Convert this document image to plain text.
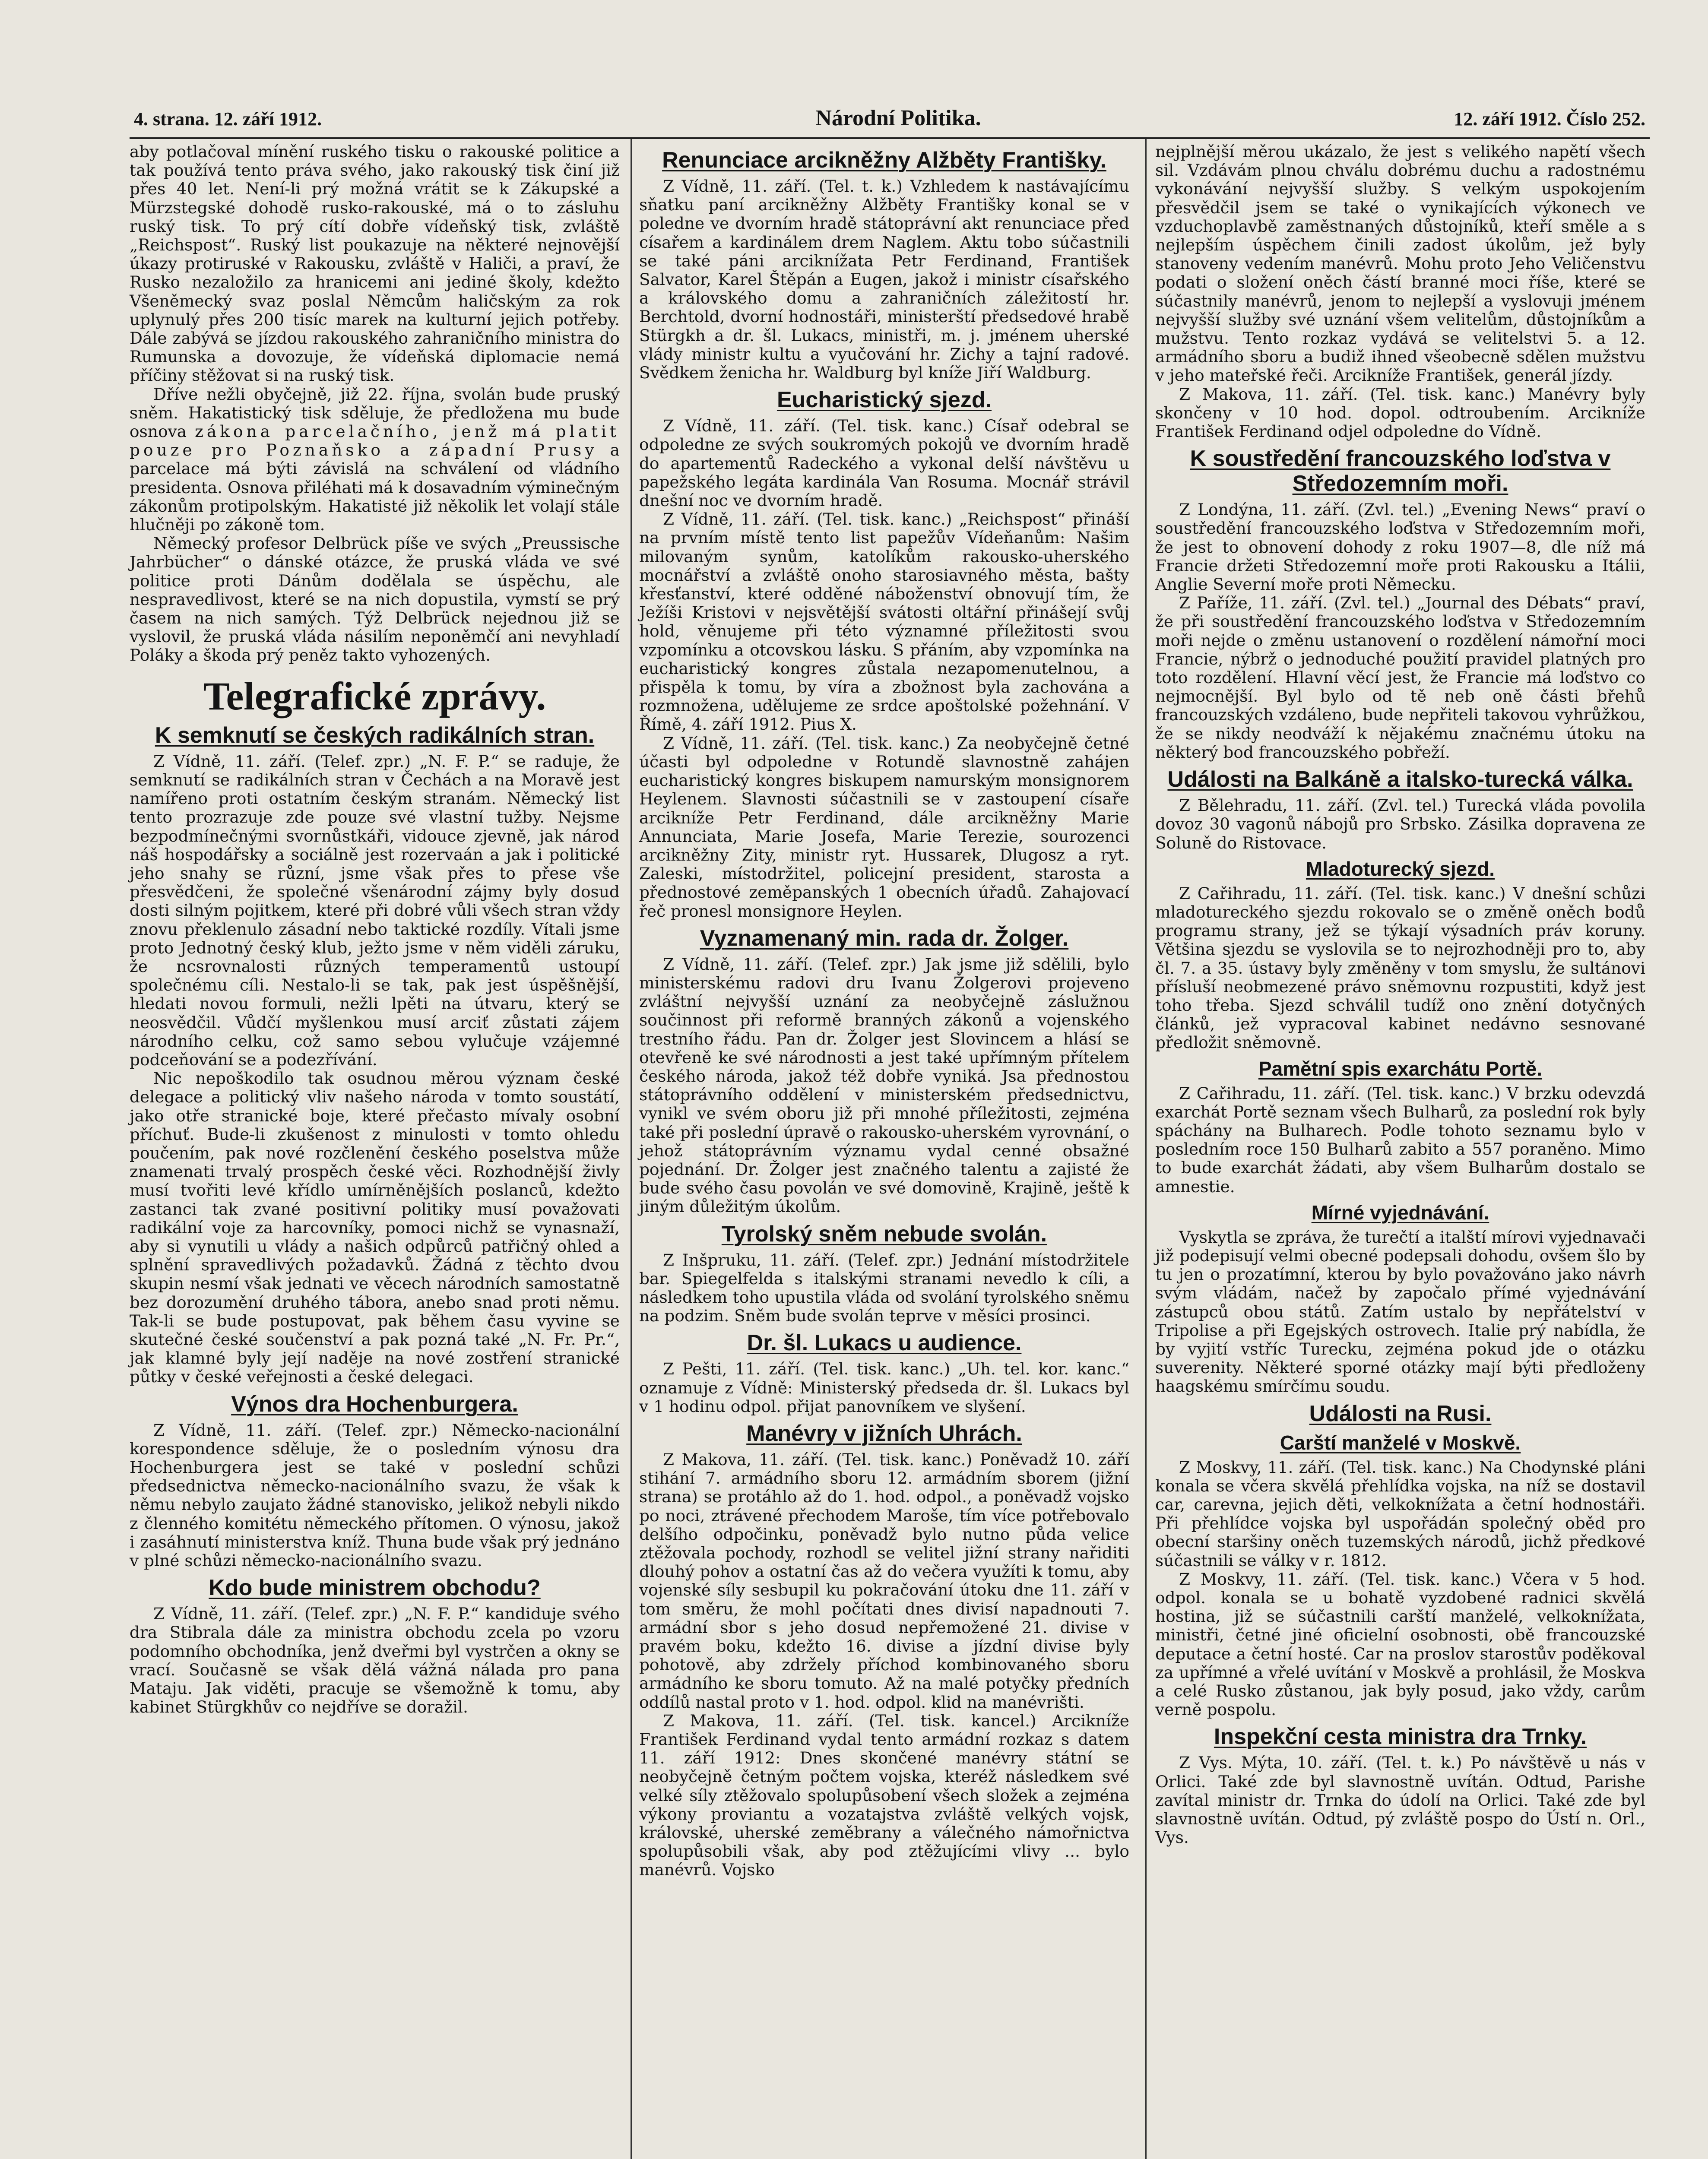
4. strana. 12. září 1912.	Národní Politika.	12. září 1912. Číslo 252.

aby potlačoval mínění ruského tisku o rakouské politice a tak používá tento práva svého, jako rakouský tisk činí již přes 40 let. Není-li prý možná vrátit se k Zákupské a Mürzstegské dohodě rusko-rakouské, má o to zásluhu ruský tisk. To prý cítí dobře vídeňský tisk, zvláště „Reichspost“. Ruský list poukazuje na některé nejnovější úkazy protiruské v Rakousku, zvláště v Haliči, a praví, že Rusko nezaložilo za hranicemi ani jediné školy, kdežto Všeněmecký svaz poslal Němcům haličským za rok uplynulý přes 200 tisíc marek na kulturní jejich potřeby. Dále zabývá se jízdou rakouského zahraničního ministra do Rumunska a dovozuje, že vídeňská diplomacie nemá příčiny stěžovat si na ruský tisk.

Dříve nežli obyčejně, již 22. října, svolán bude pruský sněm. Hakatistický tisk sděluje, že předložena mu bude osnova zákona parcelačního, jenž má platit pouze pro Poznaňsko a západní Prusy a parcelace má býti závislá na schválení od vládního presidenta. Osnova přiléhati má k dosavadním výminečným zákonům protipolským. Hakatisté již několik let volají stále hlučněji po zákoně tom.

Německý profesor Delbrück píše ve svých „Preussische Jahrbücher“ o dánské otázce, že pruská vláda ve své politice proti Dánům dodělala se úspěchu, ale nespravedlivost, které se na nich dopustila, vymstí se prý časem na nich samých. Týž Delbrück nejednou již se vyslovil, že pruská vláda násilím neponěmčí ani nevyhladí Poláky a škoda prý peněz takto vyhozených.

Telegrafické zprávy.
K semknutí se českých radikálních stran.

Z Vídně, 11. září. (Telef. zpr.) „N. F. P.“ se raduje, že semknutí se radikálních stran v Čechách a na Moravě jest namířeno proti ostatním českým stranám. Německý list tento prozrazuje zde pouze své vlastní tužby. Nejsme bezpodmínečnými svornůstkáři, vidouce zjevně, jak národ náš hospodářsky a sociálně jest rozervaán a jak i politické jeho snahy se různí, jsme však přes to přese vše přesvědčeni, že společné všenárodní zájmy byly dosud dosti silným pojitkem, které při dobré vůli všech stran vždy znovu překlenulo zásadní nebo taktické rozdíly. Vítali jsme proto Jednotný český klub, ježto jsme v něm viděli záruku, že ncsrovnalosti různých temperamentů ustoupí společnému cíli. Nestalo-li se tak, pak jest úspěšnější, hledati novou formuli, nežli lpěti na útvaru, který se neosvědčil. Vůdčí myšlenkou musí arciť zůstati zájem národního celku, což samo sebou vylučuje vzájemné podceňování se a podezřívání.

Nic nepoškodilo tak osudnou měrou význam české delegace a politický vliv našeho národa v tomto soustátí, jako otře stranické boje, které přečasto mívaly osobní příchuť. Bude-li zkušenost z minulosti v tomto ohledu poučením, pak nové rozčlenění českého poselstva může znamenati trvalý prospěch české věci. Rozhodnější živly musí tvořiti levé křídlo umírněnějších poslanců, kdežto zastanci tak zvané positivní politiky musí považovati radikální voje za harcovníky, pomoci nichž se vynasnaží, aby si vynutili u vlády a našich odpůrců patřičný ohled a splnění spravedlivých požadavků. Žádná z těchto dvou skupin nesmí však jednati ve věcech národních samostatně bez dorozumění druhého tábora, anebo snad proti němu. Tak-li se bude postupovat, pak během času vyvine se skutečné české součenství a pak pozná také „N. Fr. Pr.“, jak klamné byly její naděje na nové zostření stranické půtky v české veřejnosti a české delegaci.

Výnos dra Hochenburgera.

Z Vídně, 11. září. (Telef. zpr.) Německo-nacionální korespondence sděluje, že o posledním výnosu dra Hochenburgera jest se také v poslední schůzi předsednictva německo-nacionálního svazu, že však k němu nebylo zaujato žádné stanovisko, jelikož nebyli nikdo z členného komitétu německého přítomen. O výnosu, jakož i zasáhnutí ministerstva kníž. Thuna bude však prý jednáno v plné schůzi německo-nacionálního svazu.

Kdo bude ministrem obchodu?

Z Vídně, 11. září. (Telef. zpr.) „N. F. P.“ kandiduje svého dra Stibrala dále za ministra obchodu zcela po vzoru podomního obchodníka, jenž dveřmi byl vystrčen a okny se vrací. Současně se však dělá vážná nálada pro pana Mataju. Jak viděti, pracuje se všemožně k tomu, aby kabinet Stürgkhův co nejdříve se doražil.

Renunciace arcikněžny Alžběty Františky.

Z Vídně, 11. září. (Tel. t. k.) Vzhledem k nastávajícímu sňatku paní arcikněžny Alžběty Františky konal se v poledne ve dvorním hradě státoprávní akt renunciace před císařem a kardinálem drem Naglem. Aktu tobo súčastnili se také páni arciknížata Petr Ferdinand, František Salvator, Karel Štěpán a Eugen, jakož i ministr císařského a královského domu a zahraničních záležitostí hr. Berchtold, dvorní hodnostáři, ministerští předsedové hrabě Stürgkh a dr. šl. Lukacs, ministři, m. j. jménem uherské vlády ministr kultu a vyučování hr. Zichy a tajní radové. Svědkem ženicha hr. Waldburg byl kníže Jiří Waldburg.

Eucharistický sjezd.

Z Vídně, 11. září. (Tel. tisk. kanc.) Císař odebral se odpoledne ze svých soukromých pokojů ve dvorním hradě do apartementů Radeckého a vykonal delší návštěvu u papežského legáta kardinála Van Rosuma. Mocnář strávil dnešní noc ve dvorním hradě.

Z Vídně, 11. září. (Tel. tisk. kanc.) „Reichspost“ přináší na prvním místě tento list papežův Vídeňanům: Našim milovaným synům, katolíkům rakousko-uherského mocnářství a zvláště onoho starosiavného města, bašty křesťanství, které odděné náboženství obnovují tím, že Ježíši Kristovi v nejsvětější svátosti oltářní přinášejí svůj hold, věnujeme při této významné příležitosti svou vzpomínku a otcovskou lásku. S přáním, aby vzpomínka na eucharistický kongres zůstala nezapomenutelnou, a přispěla k tomu, by víra a zbožnost byla zachována a rozmnožena, udělujeme ze srdce apoštolské požehnání. V Římě, 4. září 1912. Pius X.

Z Vídně, 11. září. (Tel. tisk. kanc.) Za neobyčejně četné účasti byl odpoledne v Rotundě slavnostně zahájen eucharistický kongres biskupem namurským monsignorem Heylenem. Slavnosti súčastnili se v zastoupení císaře arcikníže Petr Ferdinand, dále arcikněžny Marie Annunciata, Marie Josefa, Marie Terezie, sourozenci arcikněžny Zity, ministr ryt. Hussarek, Dlugosz a ryt. Zaleski, místodržitel, policejní president, starosta a přednostové zeměpanských 1 obecních úřadů. Zahajovací řeč pronesl monsignore Heylen.

Vyznamenaný min. rada dr. Žolger.

Z Vídně, 11. září. (Telef. zpr.) Jak jsme již sdělili, bylo ministerskému radovi dru Ivanu Žolgerovi projeveno zvláštní nejvyšší uznání za neobyčejně záslužnou součinnost při reformě branných zákonů a vojenského trestního řádu. Pan dr. Žolger jest Slovincem a hlásí se otevřeně ke své národnosti a jest také upřímným přítelem českého národa, jakož též dobře vyniká. Jsa přednostou státoprávního oddělení v ministerském předsednictvu, vynikl ve svém oboru již při mnohé příležitosti, zejména také při poslední úpravě o rakousko-uherském vyrovnání, o jehož státoprávním významu vydal cenné obsažné pojednání. Dr. Žolger jest značného talentu a zajisté že bude svého času povolán ve své domovině, Krajině, ještě k jiným důležitým úkolům.

Tyrolský sněm nebude svolán.

Z Inšpruku, 11. září. (Telef. zpr.) Jednání místodržitele bar. Spiegelfelda s italskými stranami nevedlo k cíli, a následkem toho upustila vláda od svolání tyrolského sněmu na podzim. Sněm bude svolán teprve v měsíci prosinci.

Dr. šl. Lukacs u audience.

Z Pešti, 11. září. (Tel. tisk. kanc.) „Uh. tel. kor. kanc.“ oznamuje z Vídně: Ministerský předseda dr. šl. Lukacs byl v 1 hodinu odpol. přijat panovníkem ve slyšení.

Manévry v jižních Uhrách.

Z Makova, 11. září. (Tel. tisk. kanc.) Poněvadž 10. září stihání 7. armádního sboru 12. armádním sborem (jižní strana) se protáhlo až do 1. hod. odpol., a poněvadž vojsko po noci, ztrávené přechodem Maroše, tím více potřebovalo delšího odpočinku, poněvadž bylo nutno půda velice ztěžovala pochody, rozhodl se velitel jižní strany nařiditi dlouhý pohov a ostatní čas až do večera využíti k tomu, aby vojenské síly sesbupil ku pokračování útoku dne 11. září v tom směru, že mohl počítati dnes divisí napadnouti 7. armádní sbor s jeho dosud nepřemožené 21. divise v pravém boku, kdežto 16. divise a jízdní divise byly pohotově, aby zdržely příchod kombinovaného sboru armádního ke sboru tomuto. Až na malé potyčky předních oddílů nastal proto v 1. hod. odpol. klid na manévrišti.

Z Makova, 11. září. (Tel. tisk. kancel.) Arcikníže František Ferdinand vydal tento armádní rozkaz s datem 11. září 1912: Dnes skončené manévry státní se neobyčejně četným počtem vojska, kteréž následkem své velké síly ztěžovalo spolupůsobení všech složek a zejména výkony proviantu a vozatajstva zvláště velkých vojsk, královské, uherské zeměbrany a válečného námořnictva spolupůsobili však, aby pod ztěžujícími vlivy ... bylo manévrů. Vojsko

nejplnější měrou ukázalo, že jest s velikého napětí všech sil. Vzdávám plnou chválu dobrému duchu a radostnému vykonávání nejvyšší služby. S velkým uspokojením přesvědčil jsem se také o vynikajících výkonech ve vzduchoplavbě zaměstnaných důstojníků, kteří směle a s nejlepším úspěchem činili zadost úkolům, jež byly stanoveny vedením manévrů. Mohu proto Jeho Veličenstvu podati o složení oněch částí branné moci říše, které se súčastnily manévrů, jenom to nejlepší a vyslovuji jménem nejvyšší služby své uznání všem velitelům, důstojníkům a mužstvu. Tento rozkaz vydává se velitelstvi 5. a 12. armádního sboru a budiž ihned všeobecně sdělen mužstvu v jeho mateřské řeči. Arcikníže František, generál jízdy.

Z Makova, 11. září. (Tel. tisk. kanc.) Manévry byly skončeny v 10 hod. dopol. odtroubením. Arcikníže František Ferdinand odjel odpoledne do Vídně.

K soustředění francouzského loďstva v Středozemním moři.

Z Londýna, 11. září. (Zvl. tel.) „Evening News“ praví o soustředění francouzského loďstva v Středozemním moři, že jest to obnovení dohody z roku 1907—8, dle níž má Francie držeti Středozemní moře proti Rakousku a Itálii, Anglie Severní moře proti Německu.

Z Paříže, 11. září. (Zvl. tel.) „Journal des Débats“ praví, že při soustředění francouzského loďstva v Středozemním moři nejde o změnu ustanovení o rozdělení námořní moci Francie, nýbrž o jednoduché použití pravidel platných pro toto rozdělení. Hlavní věcí jest, že Francie má loďstvo co nejmocnější. Byl bylo od tě neb oně části břehů francouzských vzdáleno, bude nepřiteli takovou vyhrůžkou, že se nikdy neodváží k nějakému značnému útoku na některý bod francouzského pobřeží.

Události na Balkáně a italsko-turecká válka.

Z Bělehradu, 11. září. (Zvl. tel.) Turecká vláda povolila dovoz 30 vagonů nábojů pro Srbsko. Zásilka dopravena ze Soluně do Ristovace.

Mladoturecký sjezd.

Z Cařihradu, 11. září. (Tel. tisk. kanc.) V dnešní schůzi mladotureckého sjezdu rokovalo se o změně oněch bodů programu strany, jež se týkají výsadních práv koruny. Většina sjezdu se vyslovila se to nejrozhodněji pro to, aby čl. 7. a 35. ústavy byly změněny v tom smyslu, že sultánovi přísluší neobmezené právo sněmovnu rozpustiti, když jest toho třeba. Sjezd schválil tudíž ono znění dotyčných článků, jež vypracoval kabinet nedávno sesnované předložit sněmovně.

Pamětní spis exarchátu Portě.

Z Cařihradu, 11. září. (Tel. tisk. kanc.) V brzku odevzdá exarchát Portě seznam všech Bulharů, za poslední rok byly spáchány na Bulharech. Podle tohoto seznamu bylo v posledním roce 150 Bulharů zabito a 557 poraněno. Mimo to bude exarchát žádati, aby všem Bulharům dostalo se amnestie.

Mírné vyjednávání.

Vyskytla se zpráva, že turečtí a italští mírovi vyjednavači již podepisují velmi obecné podepsali dohodu, ovšem šlo by tu jen o prozatímní, kterou by bylo považováno jako návrh svým vládám, načež by započalo přímé vyjednávání zástupců obou států. Zatím ustalo by nepřátelství v Tripolise a při Egejských ostrovech. Italie prý nabídla, že by vyjití vstříc Turecku, zejména pokud jde o otázku suverenity. Některé sporné otázky mají býti předloženy haagskému smírčímu soudu.

Události na Rusi.
Carští manželé v Moskvě.

Z Moskvy, 11. září. (Tel. tisk. kanc.) Na Chodynské pláni konala se včera skvělá přehlídka vojska, na níž se dostavil car, carevna, jejich děti, velkoknížata a četní hodnostáři. Při přehlídce vojska byl uspořádán společný oběd pro obecní staršiny oněch tuzemských národů, jichž předkové súčastnili se války v r. 1812.

Z Moskvy, 11. září. (Tel. tisk. kanc.) Včera v 5 hod. odpol. konala se u bohatě vyzdobené radnici skvělá hostina, již se súčastnili carští manželé, velkoknížata, ministři, četné jiné oficielní osobnosti, obě francouzské deputace a četní hosté. Car na proslov starostův poděkoval za upřímné a vřelé uvítání v Moskvě a prohlásil, že Moskva a celé Rusko zůstanou, jak byly posud, jako vždy, carům verně pospolu.

Inspekční cesta ministra dra Trnky.

Z Vys. Mýta, 10. září. (Tel. t. k.) Po návštěvě u nás v Orlici. Také zde byl slavnostně uvítán. Odtud, Parishe zavítal ministr dr. Trnka do údolí na Orlici. Také zde byl slavnostně uvítán. Odtud, pý zvláště pospo do Ústí n. Orl., Vys.
